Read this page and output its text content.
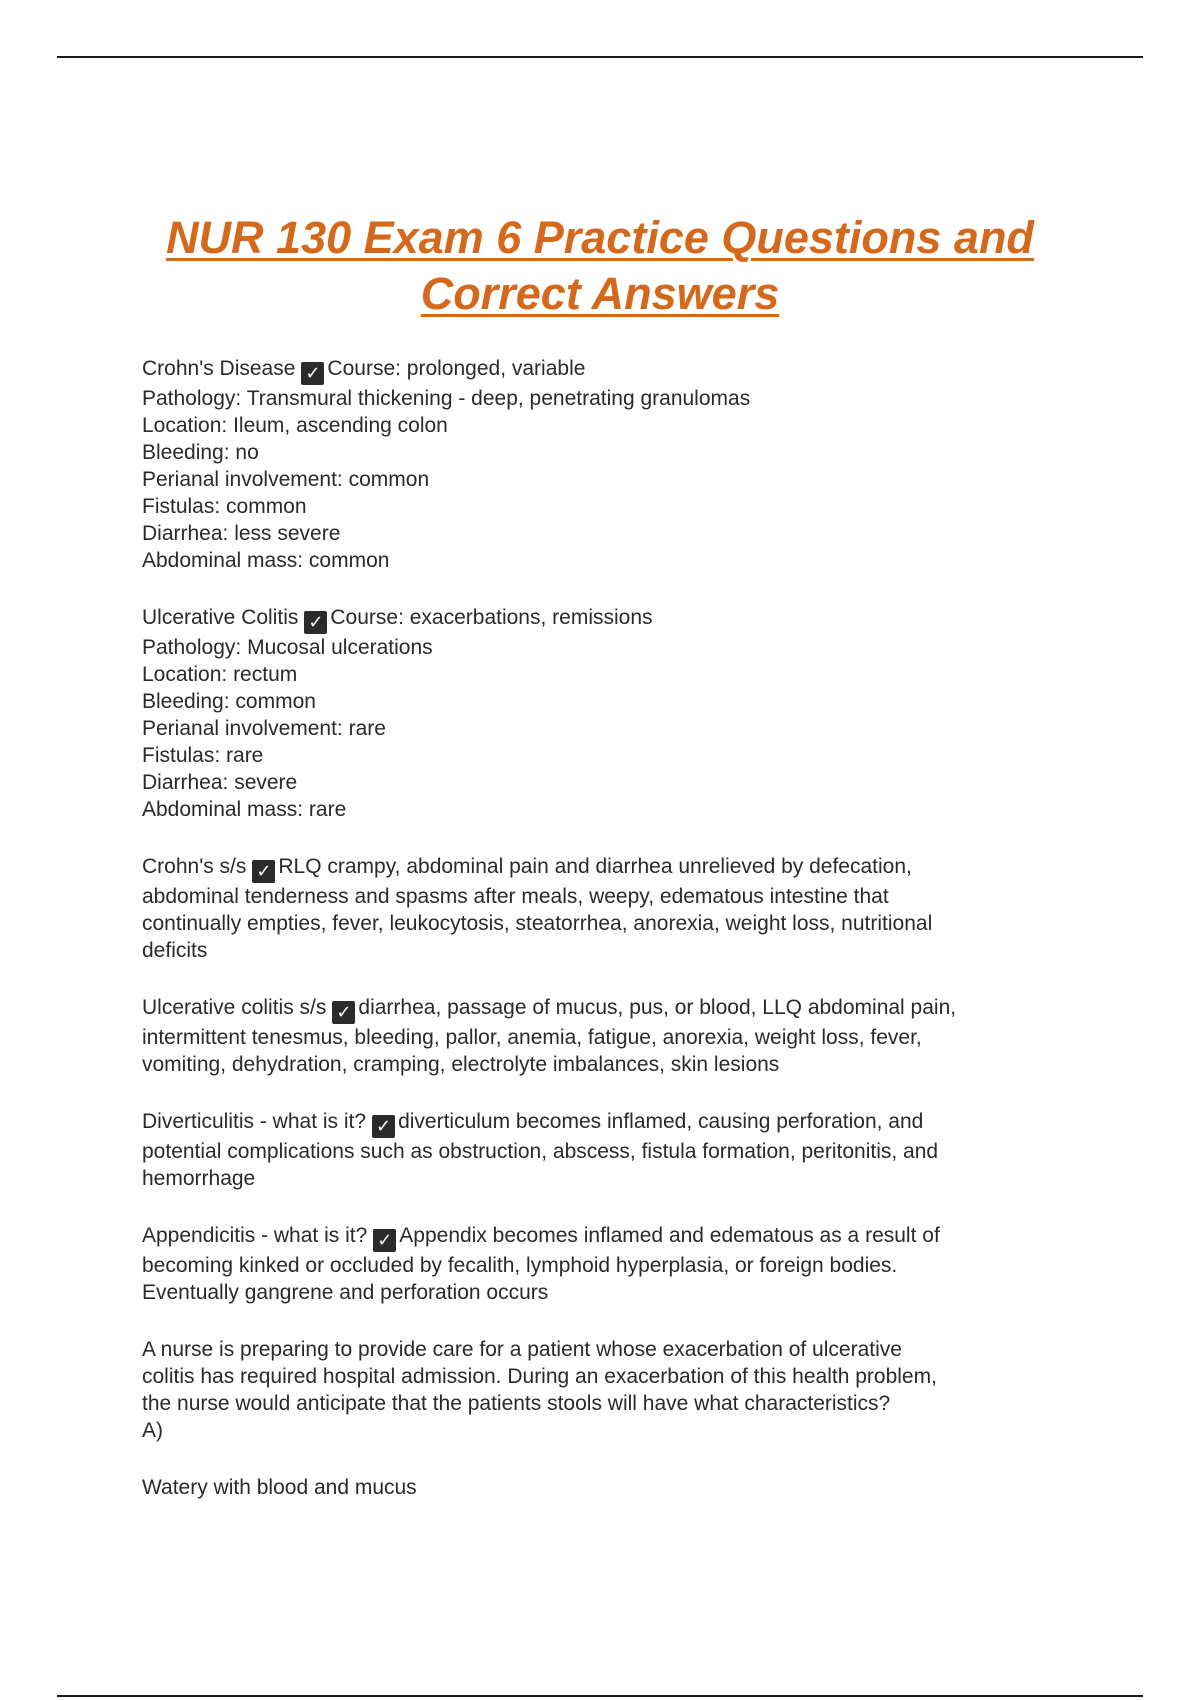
NUR 130 Exam 6 Practice Questions and Correct Answers
Crohn's Disease ✓ Course: prolonged, variable
Pathology: Transmural thickening - deep, penetrating granulomas
Location: Ileum, ascending colon
Bleeding: no
Perianal involvement: common
Fistulas: common
Diarrhea: less severe
Abdominal mass: common
Ulcerative Colitis ✓ Course: exacerbations, remissions
Pathology: Mucosal ulcerations
Location: rectum
Bleeding: common
Perianal involvement: rare
Fistulas: rare
Diarrhea: severe
Abdominal mass: rare
Crohn's s/s ✓ RLQ crampy, abdominal pain and diarrhea unrelieved by defecation,
abdominal tenderness and spasms after meals, weepy, edematous intestine that
continually empties, fever, leukocytosis, steatorrhea, anorexia, weight loss, nutritional
deficits
Ulcerative colitis s/s ✓ diarrhea, passage of mucus, pus, or blood, LLQ abdominal pain,
intermittent tenesmus, bleeding, pallor, anemia, fatigue, anorexia, weight loss, fever,
vomiting, dehydration, cramping, electrolyte imbalances, skin lesions
Diverticulitis - what is it? ✓ diverticulum becomes inflamed, causing perforation, and
potential complications such as obstruction, abscess, fistula formation, peritonitis, and
hemorrhage
Appendicitis - what is it? ✓ Appendix becomes inflamed and edematous as a result of
becoming kinked or occluded by fecalith, lymphoid hyperplasia, or foreign bodies.
Eventually gangrene and perforation occurs
A nurse is preparing to provide care for a patient whose exacerbation of ulcerative
colitis has required hospital admission. During an exacerbation of this health problem,
the nurse would anticipate that the patients stools will have what characteristics?
A)
Watery with blood and mucus
